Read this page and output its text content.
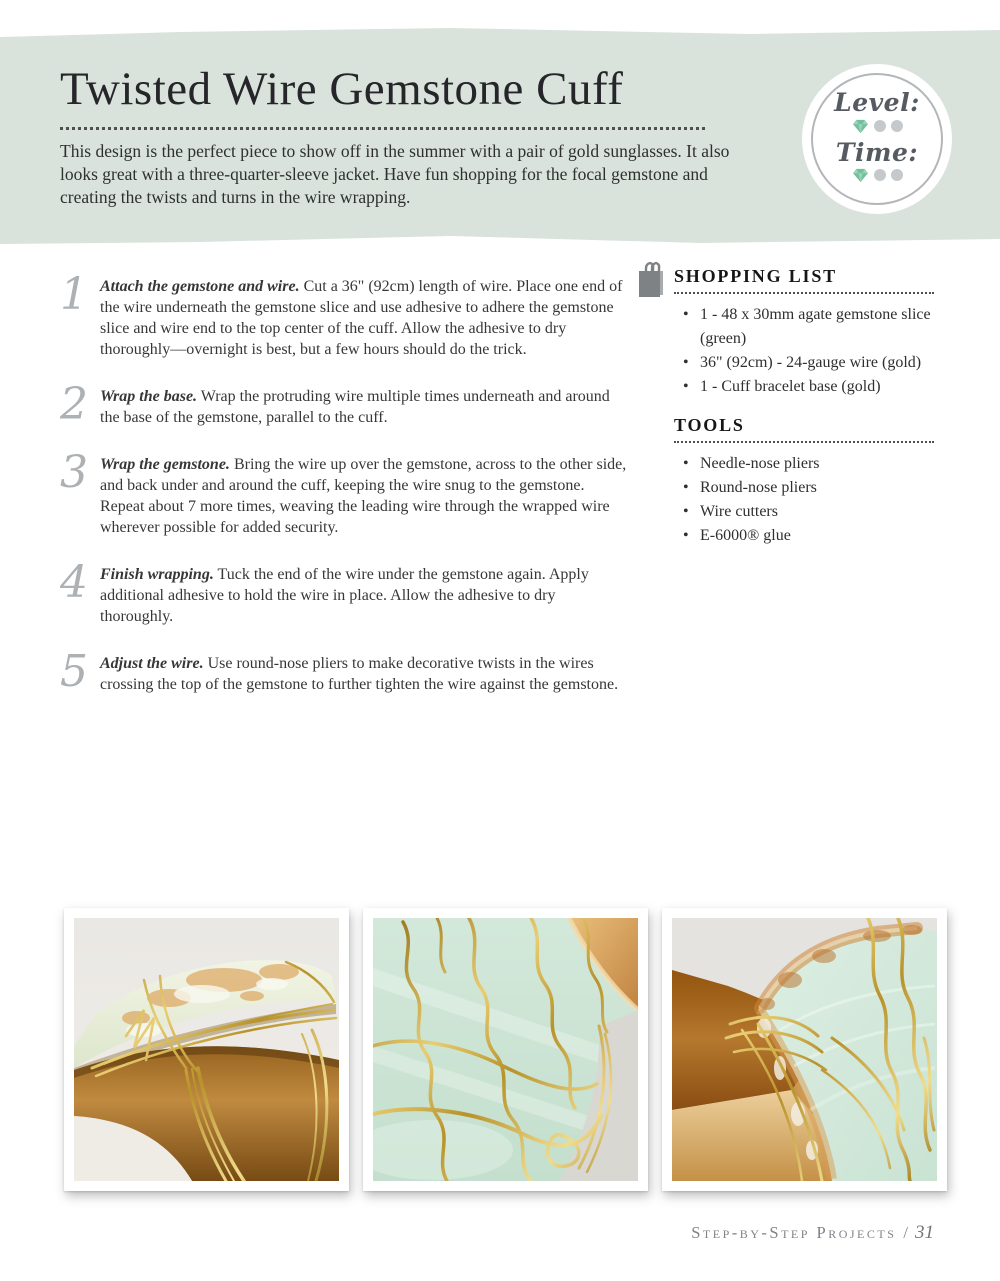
Twisted Wire Gemstone Cuff

This design is the perfect piece to show off in the summer with a pair of gold sunglasses. It also looks great with a three-quarter-sleeve jacket. Have fun shopping for the focal gemstone and creating the twists and turns in the wire wrapping.

Level:
Time:
1 Attach the gemstone and wire. Cut a 36" (92cm) length of wire. Place one end of the wire underneath the gemstone slice and use adhesive to adhere the gemstone slice and wire end to the top center of the cuff. Allow the adhesive to dry thoroughly—overnight is best, but a few hours should do the trick.

2 Wrap the base. Wrap the protruding wire multiple times underneath and around the base of the gemstone, parallel to the cuff.

3 Wrap the gemstone. Bring the wire up over the gemstone, across to the other side, and back under and around the cuff, keeping the wire snug to the gemstone. Repeat about 7 more times, weaving the leading wire through the wrapped wire wherever possible for added security.

4 Finish wrapping. Tuck the end of the wire under the gemstone again. Apply additional adhesive to hold the wire in place. Allow the adhesive to dry thoroughly.

5 Adjust the wire. Use round-nose pliers to make decorative twists in the wires crossing the top of the gemstone to further tighten the wire against the gemstone.

SHOPPING LIST
• 1 - 48 x 30mm agate gemstone slice (green)
• 36" (92cm) - 24-gauge wire (gold)
• 1 - Cuff bracelet base (gold)
TOOLS
• Needle-nose pliers
• Round-nose pliers
• Wire cutters
• E-6000® glue
Step-by-Step Projects / 31
